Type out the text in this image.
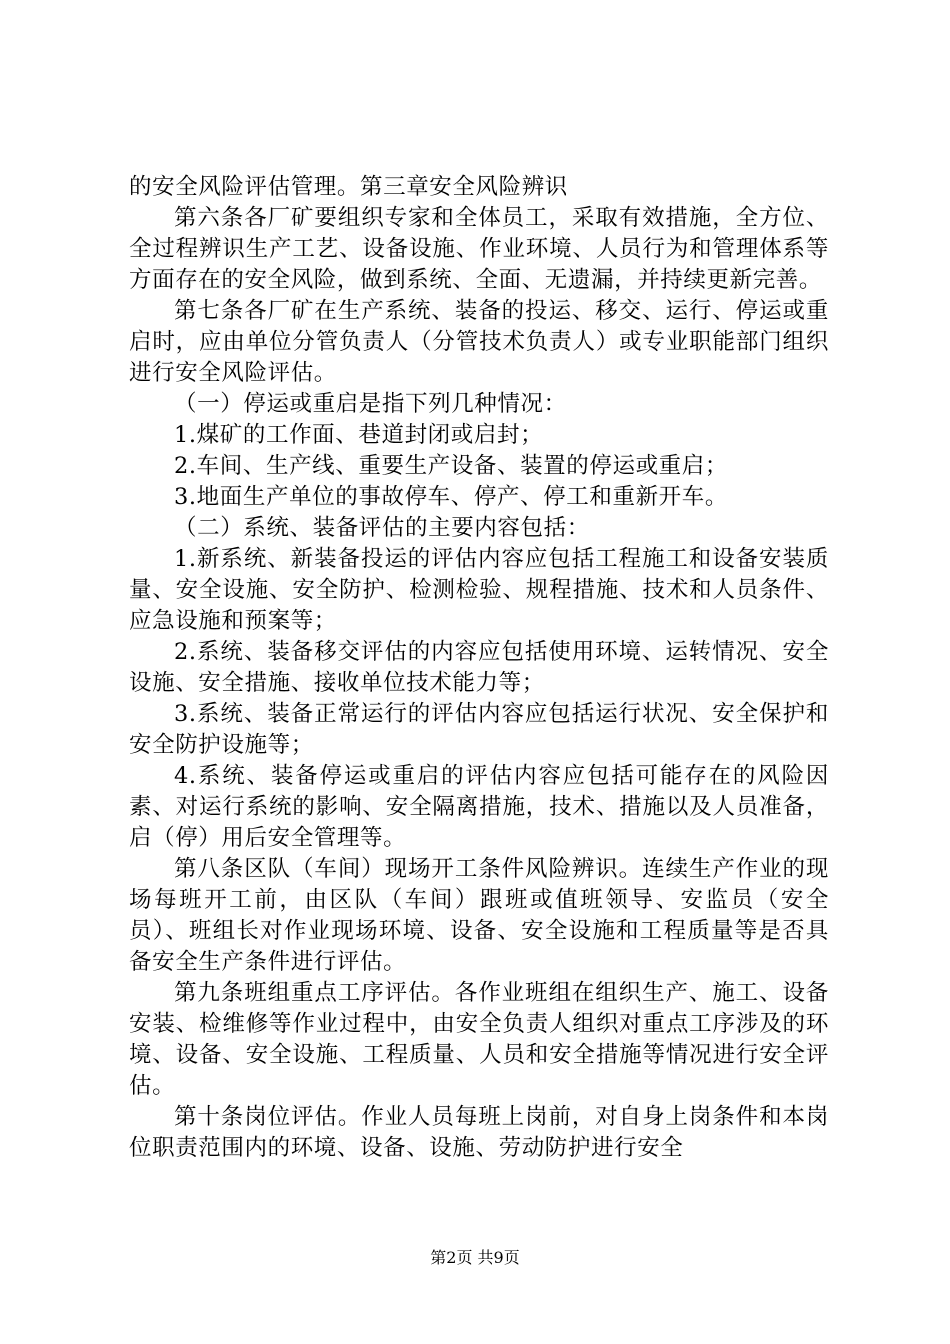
的安全风险评估管理。第三章安全风险辨识

第六条各厂矿要组织专家和全体员工，采取有效措施，全方位、全过程辨识生产工艺、设备设施、作业环境、人员行为和管理体系等方面存在的安全风险，做到系统、全面、无遗漏，并持续更新完善。

第七条各厂矿在生产系统、装备的投运、移交、运行、停运或重启时，应由单位分管负责人（分管技术负责人）或专业职能部门组织进行安全风险评估。

（一）停运或重启是指下列几种情况：

1.煤矿的工作面、巷道封闭或启封；

2.车间、生产线、重要生产设备、装置的停运或重启；

3.地面生产单位的事故停车、停产、停工和重新开车。

（二）系统、装备评估的主要内容包括：

1.新系统、新装备投运的评估内容应包括工程施工和设备安装质量、安全设施、安全防护、检测检验、规程措施、技术和人员条件、应急设施和预案等；

2.系统、装备移交评估的内容应包括使用环境、运转情况、安全设施、安全措施、接收单位技术能力等；

3.系统、装备正常运行的评估内容应包括运行状况、安全保护和安全防护设施等；

4.系统、装备停运或重启的评估内容应包括可能存在的风险因素、对运行系统的影响、安全隔离措施，技术、措施以及人员准备，启（停）用后安全管理等。

第八条区队（车间）现场开工条件风险辨识。连续生产作业的现场每班开工前，由区队（车间）跟班或值班领导、安监员（安全员）、班组长对作业现场环境、设备、安全设施和工程质量等是否具备安全生产条件进行评估。

第九条班组重点工序评估。各作业班组在组织生产、施工、设备安装、检维修等作业过程中，由安全负责人组织对重点工序涉及的环境、设备、安全设施、工程质量、人员和安全措施等情况进行安全评估。

第十条岗位评估。作业人员每班上岗前，对自身上岗条件和本岗位职责范围内的环境、设备、设施、劳动防护进行安全

第2页 共9页
